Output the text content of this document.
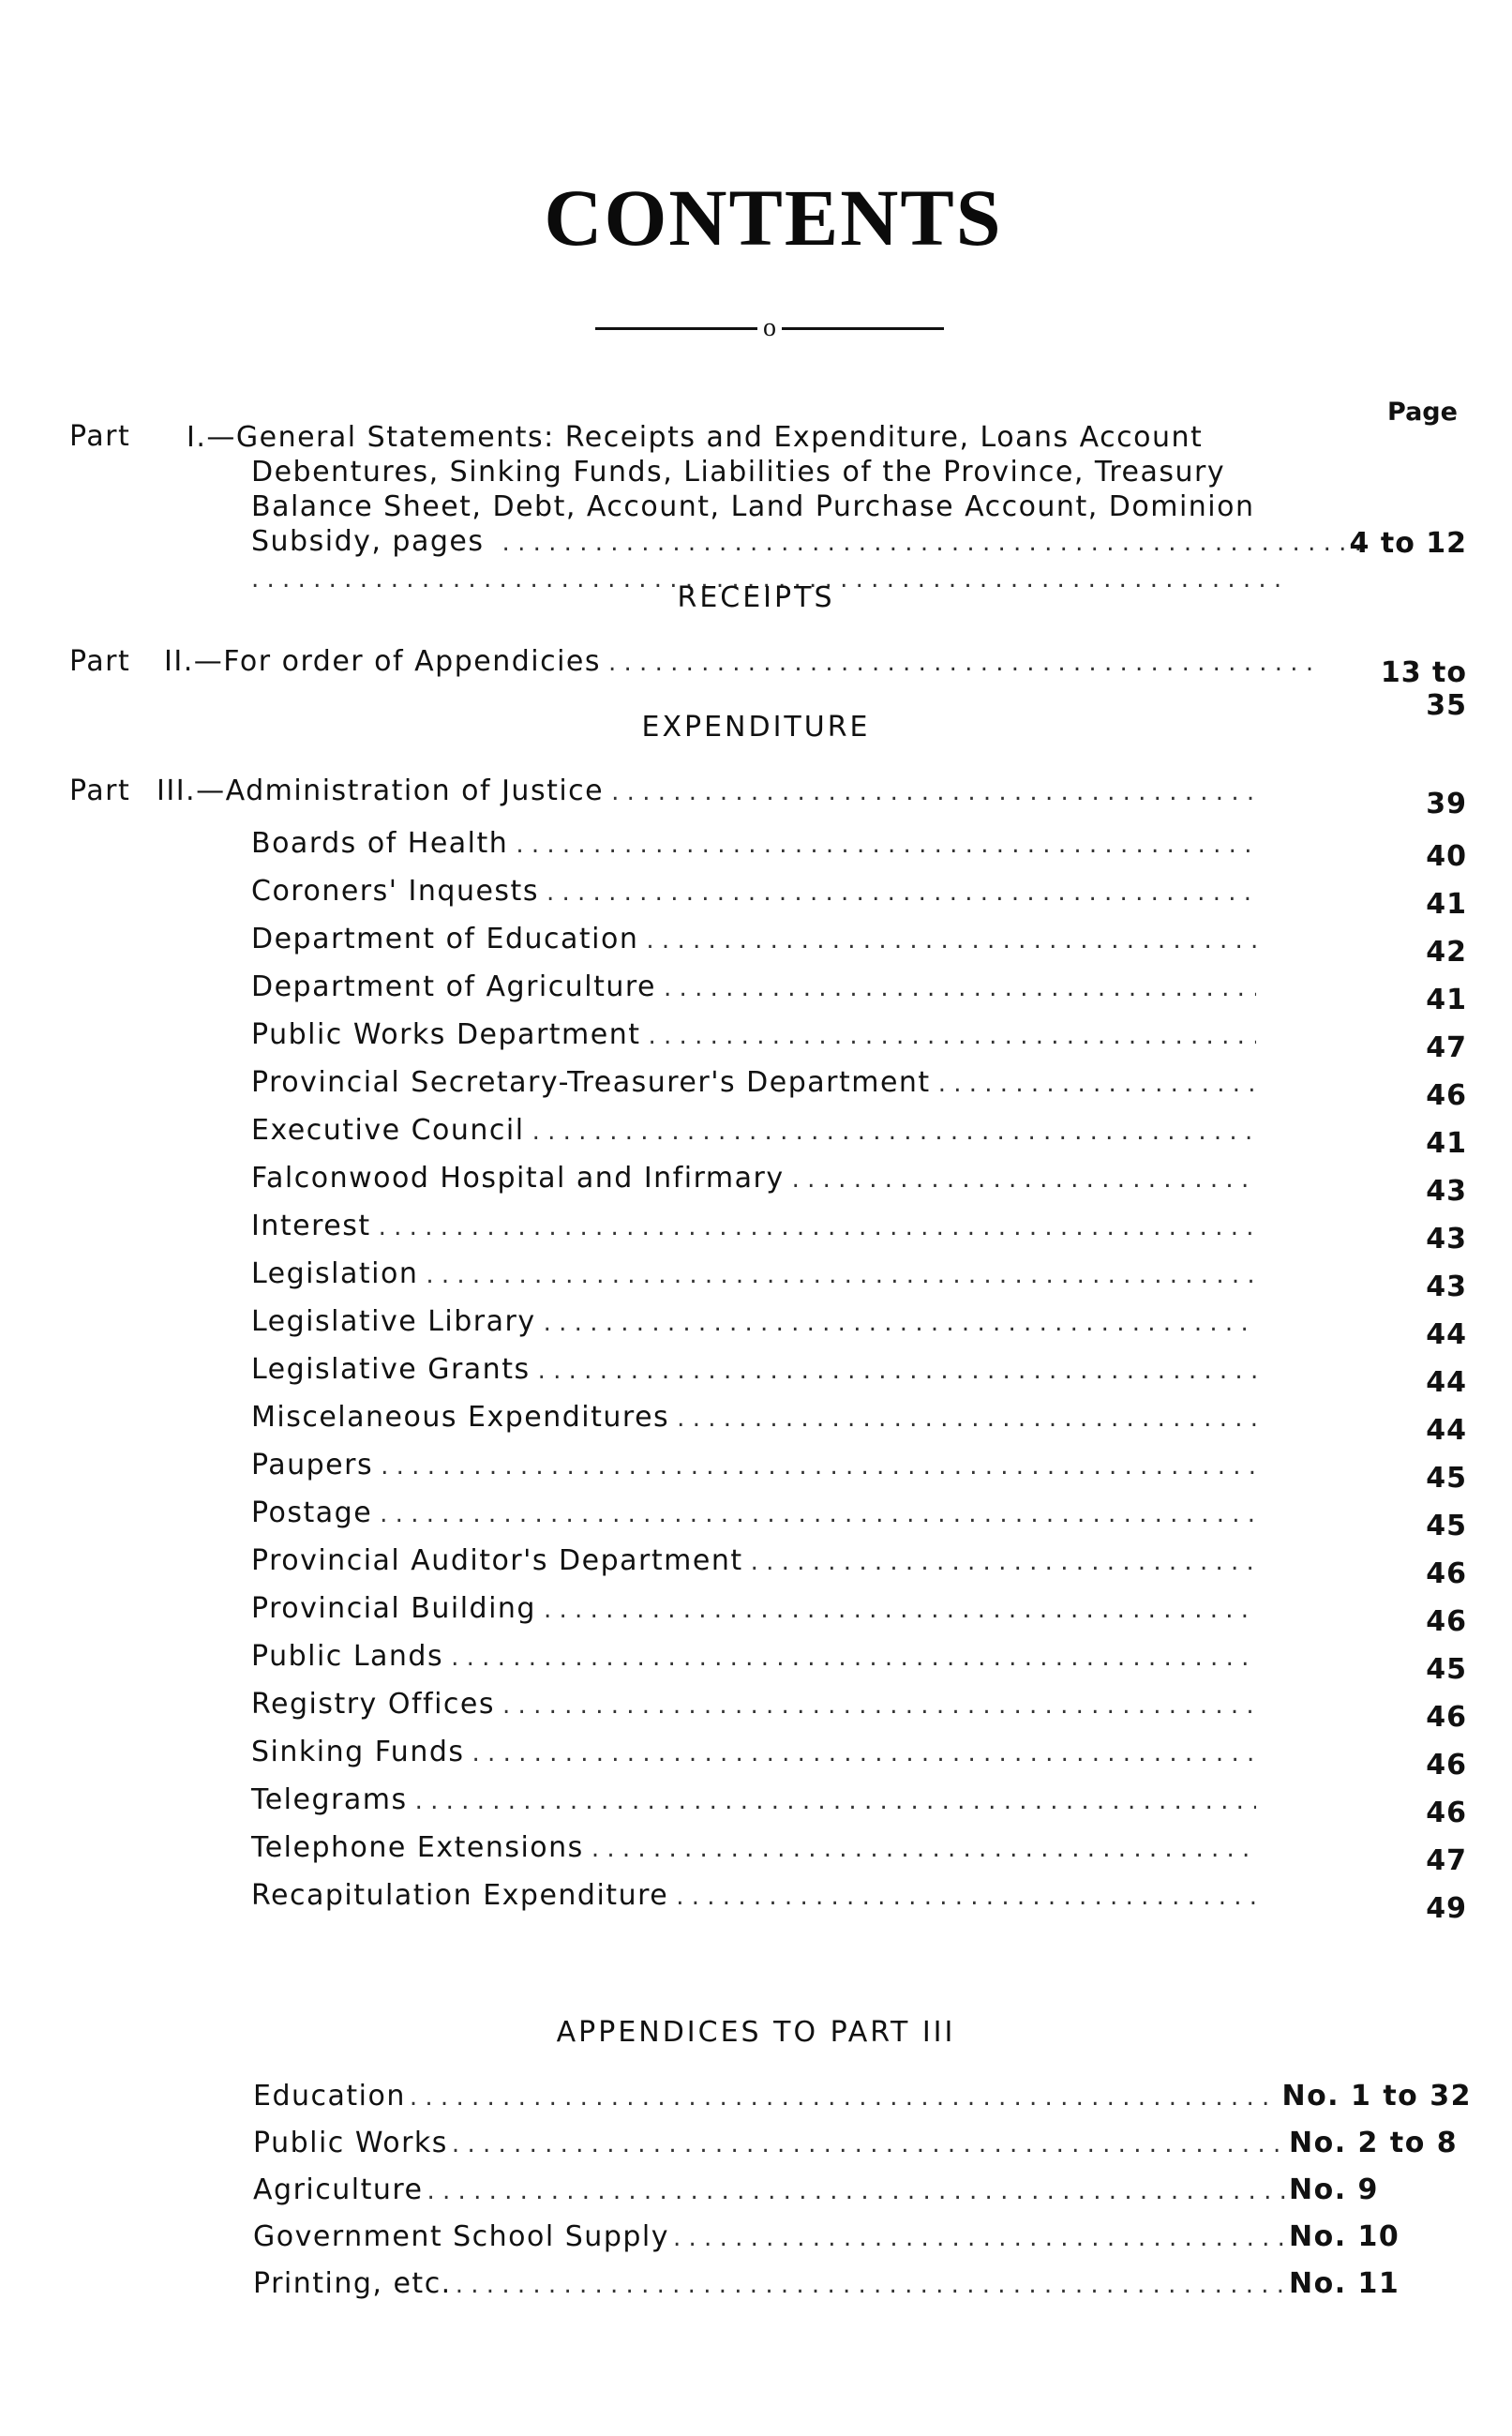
CONTENTS
o
Page
Part I.—General Statements: Receipts and Expenditure, Loans Account
Debentures, Sinking Funds, Liabilities of the Province, Treasury
Balance Sheet, Debt, Account, Land Purchase Account, Dominion
Subsidy, pages . . .	4 to 12
RECEIPTS
Part II.—For order of Appendicies . . .	13 to 35
EXPENDITURE
Part III.—Administration of Justice . . .	39
Boards of Health . . .	40
Coroners' Inquests . . .	41
Department of Education . . .	42
Department of Agriculture . . .	41
Public Works Department . . .	47
Provincial Secretary-Treasurer's Department . . .	46
Executive Council . . .	41
Falconwood Hospital and Infirmary . . .	43
Interest . . .	43
Legislation . . .	43
Legislative Library . . .	44
Legislative Grants . . .	44
Miscelaneous Expenditures . . .	44
Paupers . . .	45
Postage . . .	45
Provincial Auditor's Department . . .	46
Provincial Building . . .	46
Public Lands . . .	45
Registry Offices . . .	46
Sinking Funds . . .	46
Telegrams . . .	46
Telephone Extensions . . .	47
Recapitulation Expenditure . . .	49
APPENDICES TO PART III
Education . . .	No. 1 to 32
Public Works . . .	No. 2 to 8
Agriculture . . .	No. 9
Government School Supply . . .	No. 10
Printing, etc. . . .	No. 11
